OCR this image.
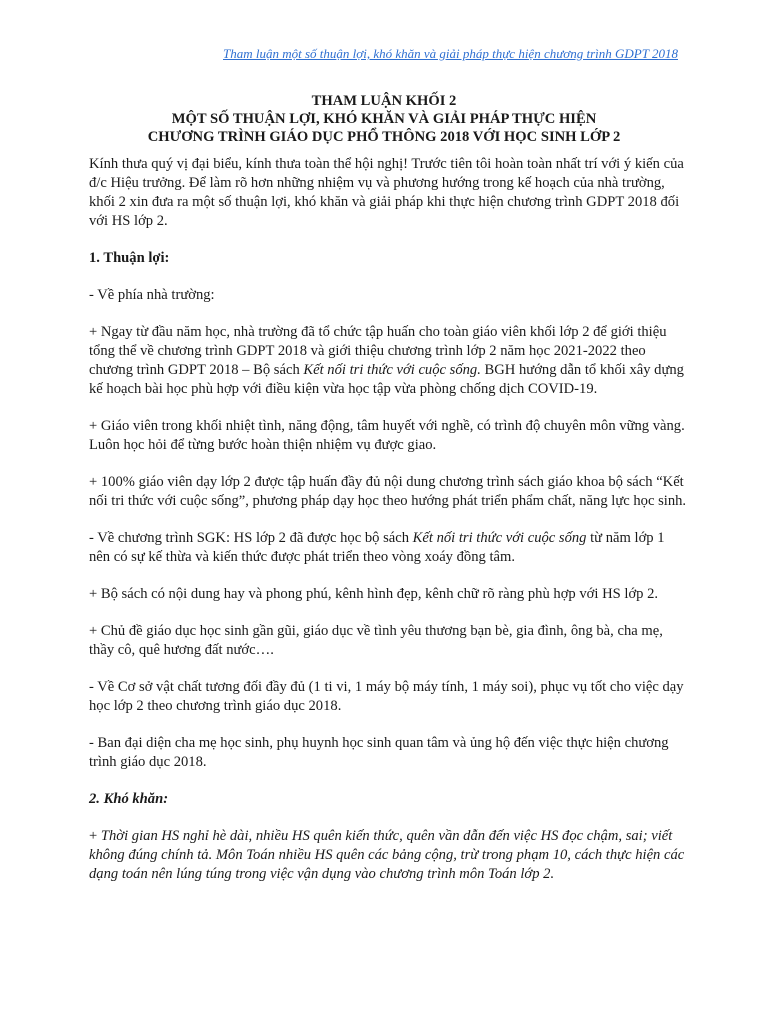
Tham luận một số thuận lợi, khó khăn và giải pháp thực hiện chương trình GDPT 2018
THAM LUẬN KHỐI 2
MỘT SỐ THUẬN LỢI, KHÓ KHĂN VÀ GIẢI PHÁP THỰC HIỆN
CHƯƠNG TRÌNH GIÁO DỤC PHỔ THÔNG 2018 VỚI HỌC SINH LỚP 2

Kính thưa quý vị đại biểu, kính thưa toàn thể hội nghị! Trước tiên tôi hoàn toàn nhất trí với ý kiến của đ/c Hiệu trưởng. Để làm rõ hơn những nhiệm vụ và phương hướng trong kế hoạch của nhà trường, khối 2 xin đưa ra một số thuận lợi, khó khăn và giải pháp khi thực hiện chương trình GDPT 2018 đối với HS lớp 2.

1. Thuận lợi:

- Về phía nhà trường:

+ Ngay từ đầu năm học, nhà trường đã tổ chức tập huấn cho toàn giáo viên khối lớp 2 để giới thiệu tổng thể về chương trình GDPT 2018 và giới thiệu chương trình lớp 2 năm học 2021-2022 theo chương trình GDPT 2018 – Bộ sách Kết nối tri thức với cuộc sống. BGH hướng dẫn tổ khối xây dựng kế hoạch bài học phù hợp với điều kiện vừa học tập vừa phòng chống dịch COVID-19.

+ Giáo viên trong khối nhiệt tình, năng động, tâm huyết với nghề, có trình độ chuyên môn vững vàng. Luôn học hỏi để từng bước hoàn thiện nhiệm vụ được giao.

+ 100% giáo viên dạy lớp 2 được tập huấn đầy đủ nội dung chương trình sách giáo khoa bộ sách “Kết nối tri thức với cuộc sống”, phương pháp dạy học theo hướng phát triển phẩm chất, năng lực học sinh.

- Về chương trình SGK: HS lớp 2 đã được học bộ sách Kết nối tri thức với cuộc sống từ năm lớp 1 nên có sự kế thừa và kiến thức được phát triển theo vòng xoáy đồng tâm.

+ Bộ sách có nội dung hay và phong phú, kênh hình đẹp, kênh chữ rõ ràng phù hợp với HS lớp 2.

+ Chủ đề giáo dục học sinh gần gũi, giáo dục về tình yêu thương bạn bè, gia đình, ông bà, cha mẹ, thầy cô, quê hương đất nước….

- Về Cơ sở vật chất tương đối đầy đủ (1 ti vi, 1 máy bộ máy tính, 1 máy soi), phục vụ tốt cho việc dạy học lớp 2 theo chương trình giáo dục 2018.

- Ban đại diện cha mẹ học sinh, phụ huynh học sinh quan tâm và ủng hộ đến việc thực hiện chương trình giáo dục 2018.

2. Khó khăn:

+ Thời gian HS nghỉ hè dài, nhiều HS quên kiến thức, quên vần dẫn đến việc HS đọc chậm, sai; viết không đúng chính tả. Môn Toán nhiều HS quên các bảng cộng, trừ trong phạm 10, cách thực hiện các dạng toán nên lúng túng trong việc vận dụng vào chương trình môn Toán lớp 2.
